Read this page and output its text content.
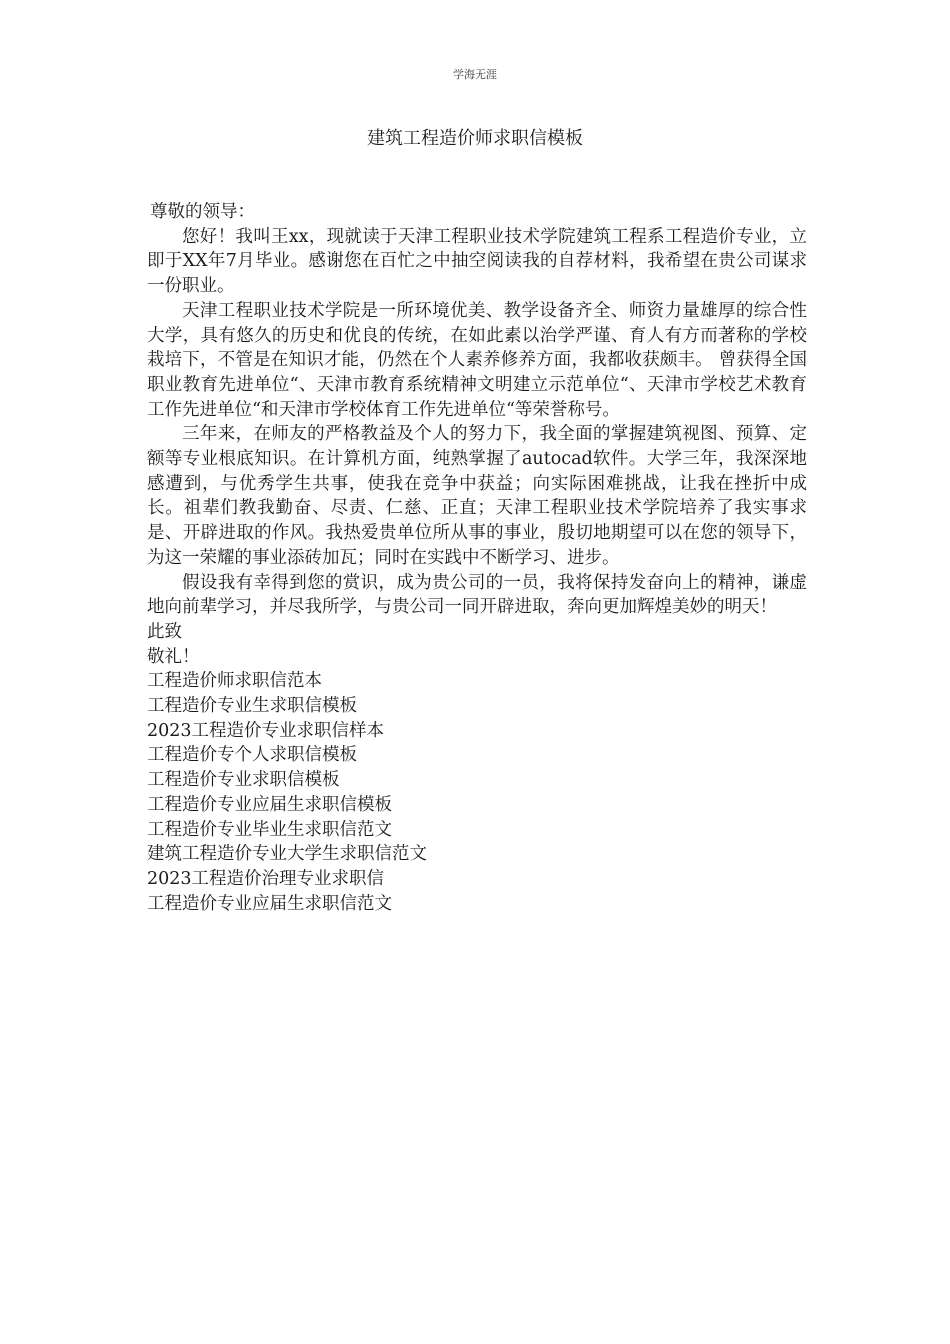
学海无涯
建筑工程造价师求职信模板

尊敬的领导：

您好！我叫王xx，现就读于天津工程职业技术学院建筑工程系工程造价专业，立即于XX年7月毕业。感谢您在百忙之中抽空阅读我的自荐材料，我希望在贵公司谋求一份职业。

天津工程职业技术学院是一所环境优美、教学设备齐全、师资力量雄厚的综合性大学，具有悠久的历史和优良的传统，在如此素以治学严谨、育人有方而著称的学校栽培下，不管是在知识才能，仍然在个人素养修养方面，我都收获颇丰。 曾获得全国职业教育先进单位“、天津市教育系统精神文明建立示范单位“、天津市学校艺术教育工作先进单位“和天津市学校体育工作先进单位“等荣誉称号。

三年来，在师友的严格教益及个人的努力下，我全面的掌握建筑视图、预算、定额等专业根底知识。在计算机方面，纯熟掌握了autocad软件。大学三年，我深深地感遭到，与优秀学生共事，使我在竞争中获益；向实际困难挑战，让我在挫折中成长。祖辈们教我勤奋、尽责、仁慈、正直；天津工程职业技术学院培养了我实事求是、开辟进取的作风。我热爱贵单位所从事的事业，殷切地期望可以在您的领导下，为这一荣耀的事业添砖加瓦；同时在实践中不断学习、进步。

假设我有幸得到您的赏识，成为贵公司的一员，我将保持发奋向上的精神，谦虚地向前辈学习，并尽我所学，与贵公司一同开辟进取，奔向更加辉煌美妙的明天！

此致

敬礼！

工程造价师求职信范本

工程造价专业生求职信模板

2023工程造价专业求职信样本

工程造价专个人求职信模板

工程造价专业求职信模板

工程造价专业应届生求职信模板

工程造价专业毕业生求职信范文

建筑工程造价专业大学生求职信范文

2023工程造价治理专业求职信

工程造价专业应届生求职信范文
